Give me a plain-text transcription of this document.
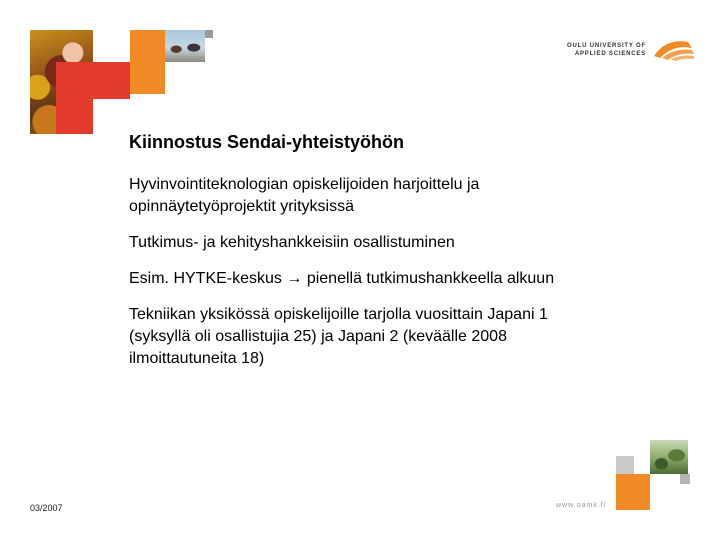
OULU UNIVERSITY OF
APPLIED SCIENCES
Kiinnostus Sendai-yhteistyöhön
Hyvinvointiteknologian opiskelijoiden harjoittelu ja opinnäytetyöprojektit yrityksissä
Tutkimus- ja kehityshankkeisiin osallistuminen
Esim. HYTKE-keskus → pienellä tutkimushankkeella alkuun
Tekniikan yksikössä opiskelijoille tarjolla vuosittain Japani 1 (syksyllä oli osallistujia 25) ja Japani 2 (keväälle 2008 ilmoittautuneita 18)
03/2007	www.oamk.fi
